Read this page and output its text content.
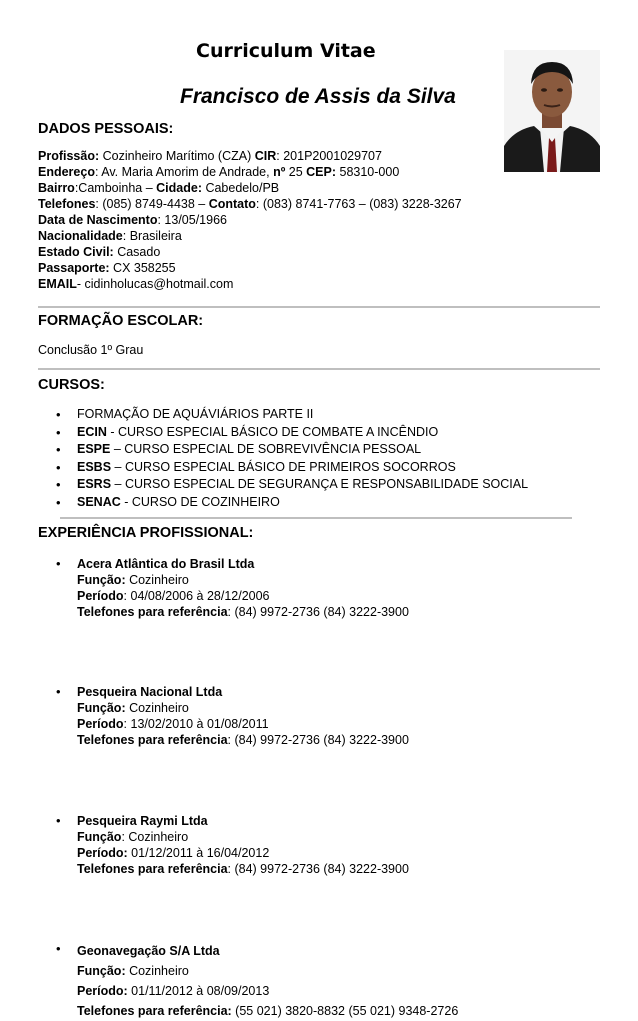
Curriculum Vitae
Francisco de Assis da Silva
DADOS PESSOAIS:
Profissão: Cozinheiro Marítimo (CZA) CIR: 201P2001029707
Endereço: Av. Maria Amorim de Andrade, nº 25 CEP: 58310-000
Bairro:Camboinha – Cidade: Cabedelo/PB
Telefones: (085) 8749-4438 – Contato: (083) 8741-7763 – (083) 3228-3267
Data de Nascimento: 13/05/1966
Nacionalidade: Brasileira
Estado Civil: Casado
Passaporte: CX 358255
EMAIL- cidinholucas@hotmail.com
FORMAÇÃO ESCOLAR:
Conclusão 1º Grau
CURSOS:
• FORMAÇÃO DE AQUÁVIÁRIOS PARTE II
• ECIN - CURSO ESPECIAL BÁSICO DE COMBATE A INCÊNDIO
• ESPE – CURSO ESPECIAL DE SOBREVIVÊNCIA PESSOAL
• ESBS – CURSO ESPECIAL BÁSICO DE PRIMEIROS SOCORROS
• ESRS – CURSO ESPECIAL DE SEGURANÇA E RESPONSABILIDADE SOCIAL
• SENAC - CURSO DE COZINHEIRO
EXPERIÊNCIA PROFISSIONAL:
• Acera Atlântica do Brasil Ltda
Função: Cozinheiro
Período: 04/08/2006 à 28/12/2006
Telefones para referência: (84) 9972-2736 (84) 3222-3900
• Pesqueira Nacional Ltda
Função: Cozinheiro
Período: 13/02/2010 à 01/08/2011
Telefones para referência: (84) 9972-2736 (84) 3222-3900
• Pesqueira Raymi Ltda
Função: Cozinheiro
Período: 01/12/2011 à 16/04/2012
Telefones para referência: (84) 9972-2736 (84) 3222-3900
• Geonavegação S/A Ltda
Função: Cozinheiro
Período: 01/11/2012 à 08/09/2013
Telefones para referência: (55 021) 3820-8832 (55 021) 9348-2726
